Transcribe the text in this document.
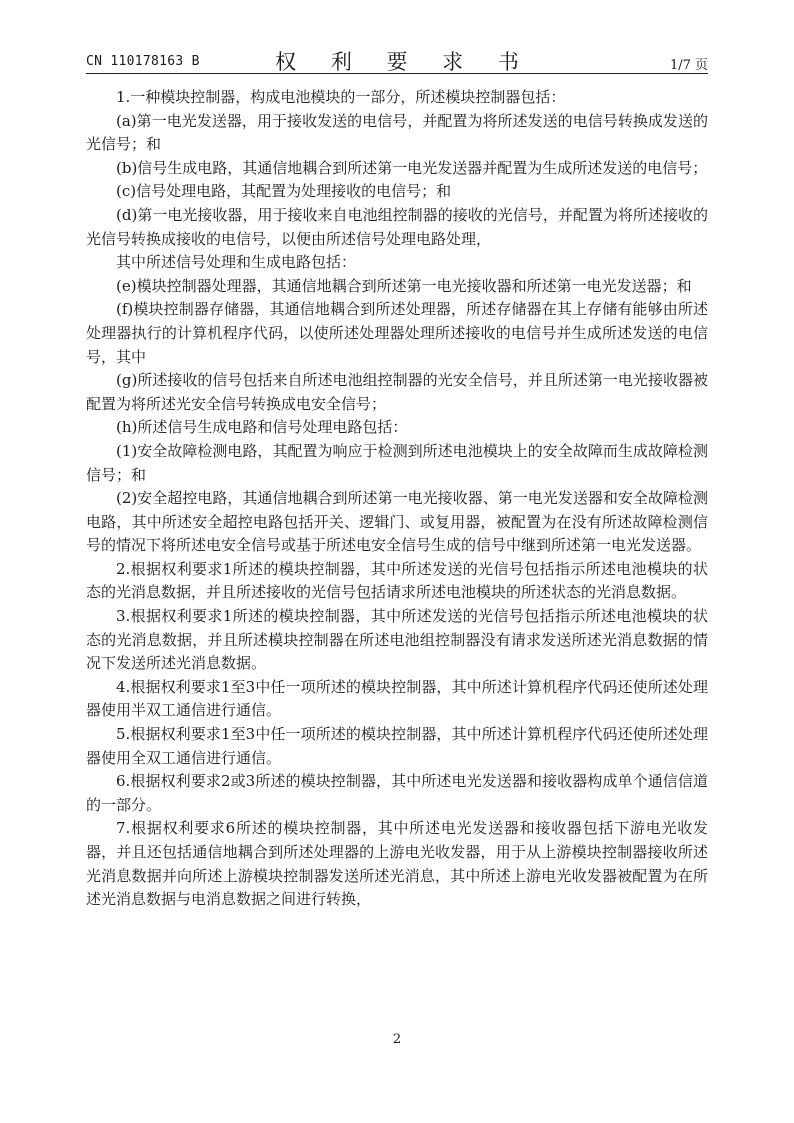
CN 110178163 B	权 利 要 求 书	1/7 页

1.一种模块控制器，构成电池模块的一部分，所述模块控制器包括：

(a)第一电光发送器，用于接收发送的电信号，并配置为将所述发送的电信号转换成发送的光信号；和

(b)信号生成电路，其通信地耦合到所述第一电光发送器并配置为生成所述发送的电信号；

(c)信号处理电路，其配置为处理接收的电信号；和

(d)第一电光接收器，用于接收来自电池组控制器的接收的光信号，并配置为将所述接收的光信号转换成接收的电信号，以便由所述信号处理电路处理，

其中所述信号处理和生成电路包括：

(e)模块控制器处理器，其通信地耦合到所述第一电光接收器和所述第一电光发送器；和

(f)模块控制器存储器，其通信地耦合到所述处理器，所述存储器在其上存储有能够由所述处理器执行的计算机程序代码，以使所述处理器处理所述接收的电信号并生成所述发送的电信号，其中

(g)所述接收的信号包括来自所述电池组控制器的光安全信号，并且所述第一电光接收器被配置为将所述光安全信号转换成电安全信号；

(h)所述信号生成电路和信号处理电路包括：

(1)安全故障检测电路，其配置为响应于检测到所述电池模块上的安全故障而生成故障检测信号；和

(2)安全超控电路，其通信地耦合到所述第一电光接收器、第一电光发送器和安全故障检测电路，其中所述安全超控电路包括开关、逻辑门、或复用器，被配置为在没有所述故障检测信号的情况下将所述电安全信号或基于所述电安全信号生成的信号中继到所述第一电光发送器。

2.根据权利要求1所述的模块控制器，其中所述发送的光信号包括指示所述电池模块的状态的光消息数据，并且所述接收的光信号包括请求所述电池模块的所述状态的光消息数据。

3.根据权利要求1所述的模块控制器，其中所述发送的光信号包括指示所述电池模块的状态的光消息数据，并且所述模块控制器在所述电池组控制器没有请求发送所述光消息数据的情况下发送所述光消息数据。

4.根据权利要求1至3中任一项所述的模块控制器，其中所述计算机程序代码还使所述处理器使用半双工通信进行通信。

5.根据权利要求1至3中任一项所述的模块控制器，其中所述计算机程序代码还使所述处理器使用全双工通信进行通信。

6.根据权利要求2或3所述的模块控制器，其中所述电光发送器和接收器构成单个通信信道的一部分。

7.根据权利要求6所述的模块控制器，其中所述电光发送器和接收器包括下游电光收发器，并且还包括通信地耦合到所述处理器的上游电光收发器，用于从上游模块控制器接收所述光消息数据并向所述上游模块控制器发送所述光消息，其中所述上游电光收发器被配置为在所述光消息数据与电消息数据之间进行转换，

2
